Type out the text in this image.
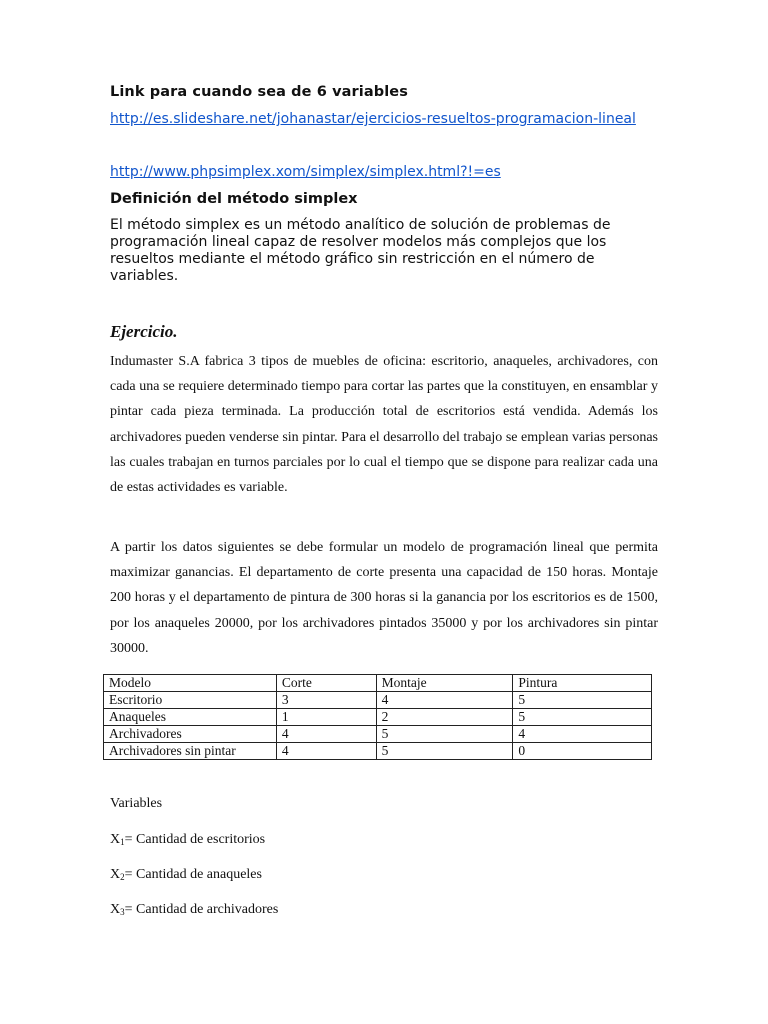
Link para cuando sea de 6 variables
http://es.slideshare.net/johanastar/ejercicios-resueltos-programacion-lineal
http://www.phpsimplex.xom/simplex/simplex.html?!=es
Definición del método simplex

El método simplex es un método analítico de solución de problemas de programación lineal capaz de resolver modelos más complejos que los resueltos mediante el método gráfico sin restricción en el número de variables.

Ejercicio.

Indumaster S.A fabrica 3 tipos de muebles de oficina: escritorio, anaqueles, archivadores, con cada una se requiere determinado tiempo para cortar las partes que la constituyen, en ensamblar y pintar cada pieza terminada. La producción total de escritorios está vendida. Además los archivadores pueden venderse sin pintar. Para el desarrollo del trabajo se emplean varias personas las cuales trabajan en turnos parciales por lo cual el tiempo que se dispone para realizar cada una de estas actividades es variable.

A partir los datos siguientes se debe formular un modelo de programación lineal que permita maximizar ganancias. El departamento de corte presenta una capacidad de 150 horas. Montaje 200 horas y el departamento de pintura de 300 horas si la ganancia por los escritorios es de 1500, por los anaqueles 20000, por los archivadores pintados 35000 y por los archivadores sin pintar 30000.

Modelo	Corte	Montaje	Pintura
Escritorio	3	4	5
Anaqueles	1	2	5
Archivadores	4	5	4
Archivadores sin pintar	4	5	0

Variables

$X_1=$ Cantidad de escritorios

$X_2=$ Cantidad de anaqueles

$X_3=$ Cantidad de archivadores
